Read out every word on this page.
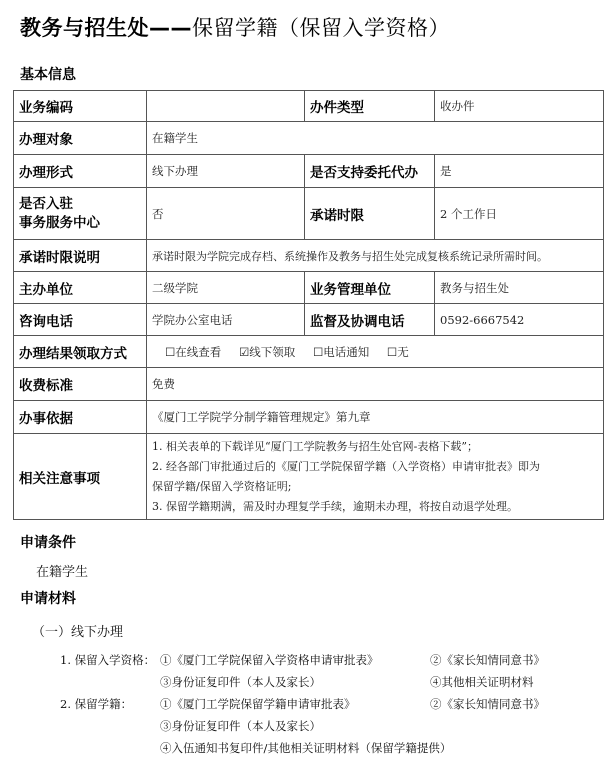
教务与招生处——保留学籍（保留入学资格）
基本信息
业务编码		办件类型	收办件
办理对象	在籍学生		
办理形式	线下办理	是否支持委托代办	是

是否入驻
事务服务中心	否	承诺时限	2 个工作日
承诺时限说明	承诺时限为学院完成存档、系统操作及教务与招生处完成复核系统记录所需时间。		
主办单位	二级学院	业务管理单位	教务与招生处
咨询电话	学院办公室电话	监督及协调电话	0592-6667542
办理结果领取方式	☐在线查看 ☑线下领取 ☐电话通知 ☐无		
收费标准	免费		
办事依据	《厦门工学院学分制学籍管理规定》第九章		
相关注意事项	1. 相关表单的下载详见“厦门工学院教务与招生处官网-表格下载”；
2. 经各部门审批通过后的《厦门工学院保留学籍（入学资格）申请审批表》即为
保留学籍/保留入学资格证明;
3. 保留学籍期满，需及时办理复学手续，逾期未办理，将按自动退学处理。		
申请条件
在籍学生
申请材料
（一）线下办理
1. 保留入学资格： ①《厦门工学院保留入学资格申请审批表》	②《家长知情同意书》
③身份证复印件（本人及家长）	④其他相关证明材料
2. 保留学籍： ①《厦门工学院保留学籍申请审批表》	②《家长知情同意书》
③身份证复印件（本人及家长）
④入伍通知书复印件/其他相关证明材料（保留学籍提供）
